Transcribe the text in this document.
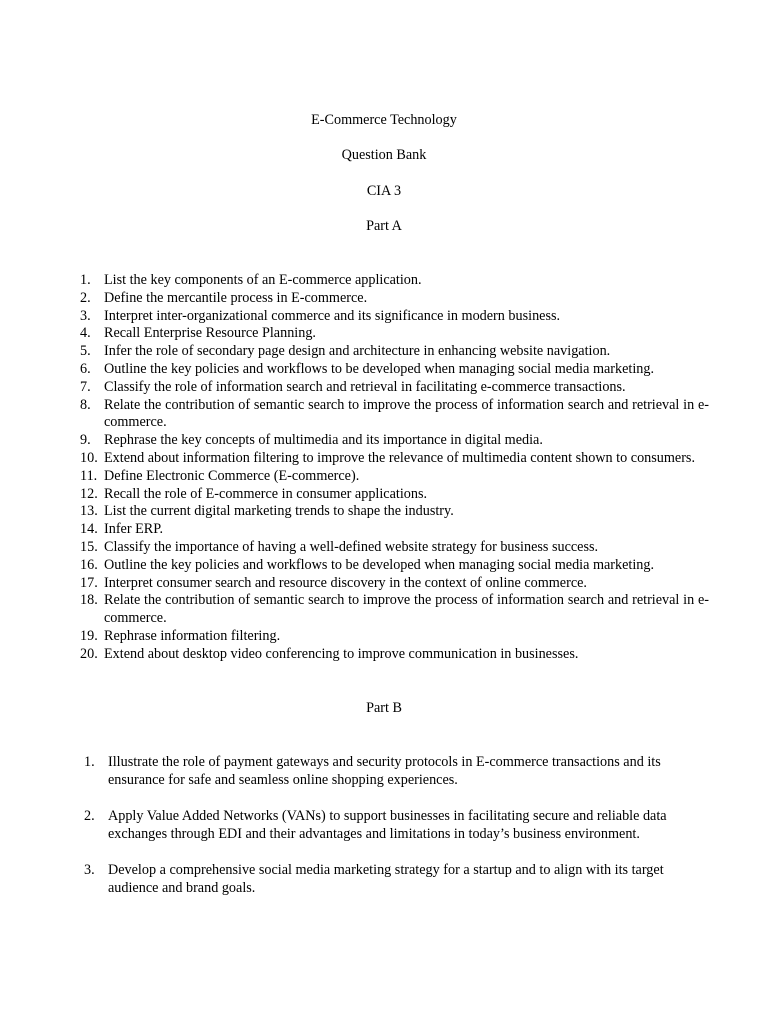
E-Commerce Technology
Question Bank
CIA 3
Part A
1. List the key components of an E-commerce application.
2. Define the mercantile process in E-commerce.
3. Interpret inter-organizational commerce and its significance in modern business.
4. Recall Enterprise Resource Planning.
5. Infer the role of secondary page design and architecture in enhancing website navigation.
6. Outline the key policies and workflows to be developed when managing social media marketing.
7. Classify the role of information search and retrieval in facilitating e-commerce transactions.
8. Relate the contribution of semantic search to improve the process of information search and retrieval in e-commerce.
9. Rephrase the key concepts of multimedia and its importance in digital media.
10. Extend about information filtering to improve the relevance of multimedia content shown to consumers.
11. Define Electronic Commerce (E-commerce).
12. Recall the role of E-commerce in consumer applications.
13. List the current digital marketing trends to shape the industry.
14. Infer ERP.
15. Classify the importance of having a well-defined website strategy for business success.
16. Outline the key policies and workflows to be developed when managing social media marketing.
17. Interpret consumer search and resource discovery in the context of online commerce.
18. Relate the contribution of semantic search to improve the process of information search and retrieval in e-commerce.
19. Rephrase information filtering.
20. Extend about desktop video conferencing to improve communication in businesses.
Part B
1. Illustrate the role of payment gateways and security protocols in E-commerce transactions and its ensurance for safe and seamless online shopping experiences.
2. Apply Value Added Networks (VANs) to support businesses in facilitating secure and reliable data exchanges through EDI and their advantages and limitations in today’s business environment.
3. Develop a comprehensive social media marketing strategy for a startup and to align with its target audience and brand goals.
